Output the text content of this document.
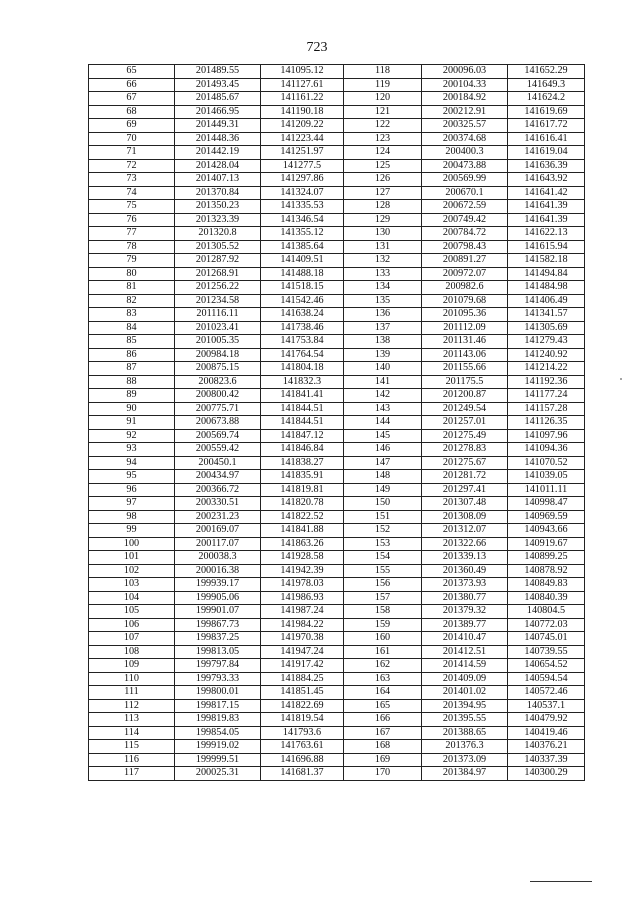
723
65	201489.55	141095.12	118	200096.03	141652.29
66	201493.45	141127.61	119	200104.33	141649.3
67	201485.67	141161.22	120	200184.92	141624.2
68	201466.95	141190.18	121	200212.91	141619.69
69	201449.31	141209.22	122	200325.57	141617.72
70	201448.36	141223.44	123	200374.68	141616.41
71	201442.19	141251.97	124	200400.3	141619.04
72	201428.04	141277.5	125	200473.88	141636.39
73	201407.13	141297.86	126	200569.99	141643.92
74	201370.84	141324.07	127	200670.1	141641.42
75	201350.23	141335.53	128	200672.59	141641.39
76	201323.39	141346.54	129	200749.42	141641.39
77	201320.8	141355.12	130	200784.72	141622.13
78	201305.52	141385.64	131	200798.43	141615.94
79	201287.92	141409.51	132	200891.27	141582.18
80	201268.91	141488.18	133	200972.07	141494.84
81	201256.22	141518.15	134	200982.6	141484.98
82	201234.58	141542.46	135	201079.68	141406.49
83	201116.11	141638.24	136	201095.36	141341.57
84	201023.41	141738.46	137	201112.09	141305.69
85	201005.35	141753.84	138	201131.46	141279.43
86	200984.18	141764.54	139	201143.06	141240.92
87	200875.15	141804.18	140	201155.66	141214.22
88	200823.6	141832.3	141	201175.5	141192.36
89	200800.42	141841.41	142	201200.87	141177.24
90	200775.71	141844.51	143	201249.54	141157.28
91	200673.88	141844.51	144	201257.01	141126.35
92	200569.74	141847.12	145	201275.49	141097.96
93	200559.42	141846.84	146	201278.83	141094.36
94	200450.1	141838.27	147	201275.67	141070.52
95	200434.97	141835.91	148	201281.72	141039.05
96	200366.72	141819.81	149	201297.41	141011.11
97	200330.51	141820.78	150	201307.48	140998.47
98	200231.23	141822.52	151	201308.09	140969.59
99	200169.07	141841.88	152	201312.07	140943.66
100	200117.07	141863.26	153	201322.66	140919.67
101	200038.3	141928.58	154	201339.13	140899.25
102	200016.38	141942.39	155	201360.49	140878.92
103	199939.17	141978.03	156	201373.93	140849.83
104	199905.06	141986.93	157	201380.77	140840.39
105	199901.07	141987.24	158	201379.32	140804.5
106	199867.73	141984.22	159	201389.77	140772.03
107	199837.25	141970.38	160	201410.47	140745.01
108	199813.05	141947.24	161	201412.51	140739.55
109	199797.84	141917.42	162	201414.59	140654.52
110	199793.33	141884.25	163	201409.09	140594.54
111	199800.01	141851.45	164	201401.02	140572.46
112	199817.15	141822.69	165	201394.95	140537.1
113	199819.83	141819.54	166	201395.55	140479.92
114	199854.05	141793.6	167	201388.65	140419.46
115	199919.02	141763.61	168	201376.3	140376.21
116	199999.51	141696.88	169	201373.09	140337.39
117	200025.31	141681.37	170	201384.97	140300.29
